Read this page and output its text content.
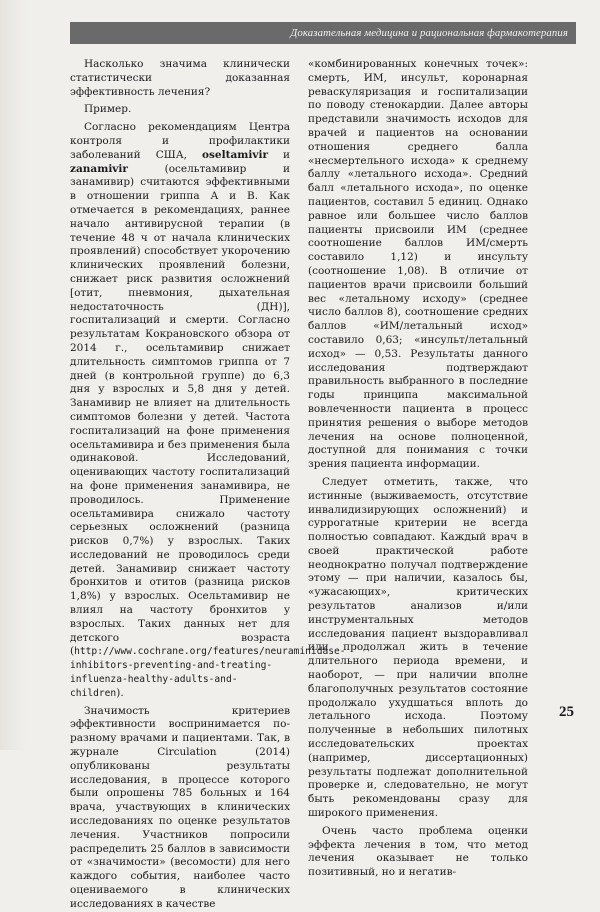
Доказательная медицина и рациональная фармакотерапия

Насколько значима клинически статистически доказанная эффективность лечения?

Пример.

Согласно рекомендациям Центра контроля и профилактики заболеваний США, oseltamivir и zanamivir	(осельтамивир и занамивир) считаются эффективными в отношении гриппа A и B. Как отмечается в рекомендациях, раннее начало антивирусной терапии (в течение 48 ч от начала клинических проявлений) способствует укорочению клинических проявлений болезни, снижает риск развития осложнений [отит, пневмония, дыхательная недостаточность (ДН)], госпитализаций и смерти. Согласно результатам Кокрановского обзора от 2014 г., осельтамивир снижает длительность симптомов гриппа от 7 дней (в контрольной группе) до 6,3 дня у взрослых и 5,8 дня у детей. Занамивир не влияет на длительность симптомов болезни у детей. Частота госпитализаций на фоне применения осельтамивира и без применения была одинаковой. Исследований, оценивающих частоту госпитализаций на фоне применения занамивира, не проводилось. Применение осельтамивира снижало частоту серьезных осложнений (разница рисков 0,7%) у взрослых. Таких исследований не проводилось среди детей. Занамивир снижает частоту бронхитов и отитов (разница рисков 1,8%) у взрослых. Осельтамивир не влиял на частоту бронхитов у взрослых. Таких данных нет для детского возраста (http://www.cochrane.org/features/neuraminidase-inhibitors-preventing-and-treating-influenza-healthy-adults-and-children).

Значимость критериев эффективности воспринимается по-разному врачами и пациентами. Так, в журнале Circulation (2014) опубликованы результаты исследования, в процессе которого были опрошены 785 больных и 164 врача, участвующих в клинических исследованиях по оценке результатов лечения. Участников попросили распределить 25 баллов в зависимости от «значимости» (весомости) для него каждого события, наиболее часто оцениваемого в клинических исследованиях в качестве

«комбинированных конечных точек»: смерть, ИМ, инсульт, коронарная реваскуляризация и госпитализации по поводу стенокардии. Далее авторы представили значимость исходов для врачей и пациентов на основании отношения среднего балла «несмертельного исхода» к среднему баллу «летального исхода». Средний балл «летального исхода», по оценке пациентов, составил 5 единиц. Однако равное или большее число баллов пациенты присвоили ИМ (среднее соотношение баллов ИМ/смерть составило 1,12) и инсульту (соотношение 1,08). В отличие от пациентов врачи присвоили больший вес «летальному исходу» (среднее число баллов 8), соотношение средних баллов «ИМ/летальный исход» составило 0,63; «инсульт/летальный исход» — 0,53. Результаты данного исследования подтверждают правильность выбранного в последние годы принципа максимальной вовлеченности пациента в процесс принятия решения о выборе методов лечения на основе полноценной, доступной для понимания с точки зрения пациента информации.

Следует отметить, также, что истинные (выживаемость, отсутствие инвалидизирующих осложнений) и суррогатные критерии не всегда полностью совпадают. Каждый врач в своей практической работе неоднократно получал подтверждение этому — при наличии, казалось бы, «ужасающих», критических результатов анализов и/или инструментальных методов исследования пациент выздоравливал или продолжал жить в течение длительного периода времени, и наоборот, — при наличии вполне благополучных результатов состояние продолжало ухудшаться вплоть до летального исхода. Поэтому полученные в небольших пилотных исследовательских проектах (например, диссертационных) результаты подлежат дополнительной проверке и, следовательно, не могут быть рекомендованы сразу для широкого применения.

Очень часто проблема оценки эффекта лечения в том, что метод лечения оказывает не только позитивный, но и негатив-

25
